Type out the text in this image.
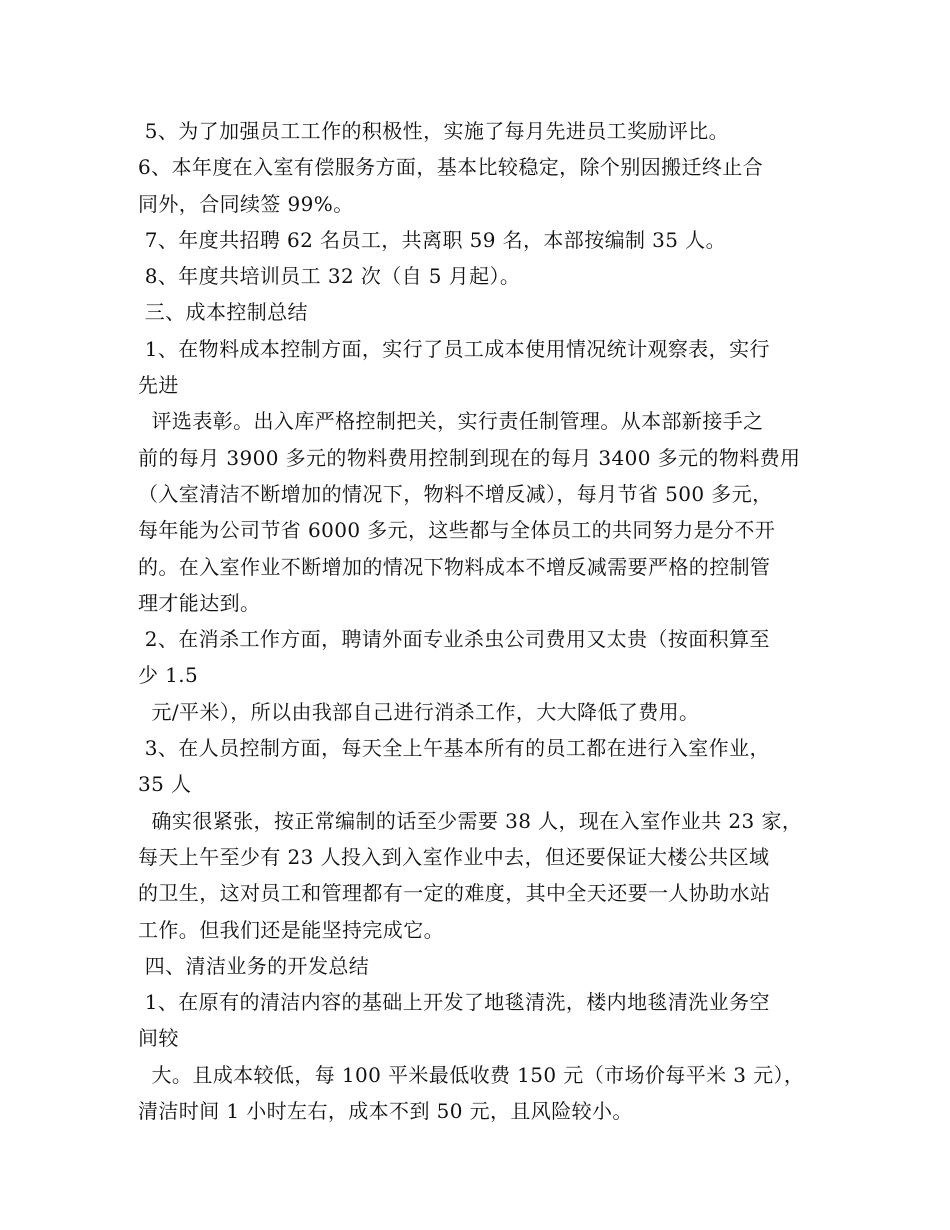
5、为了加强员工工作的积极性，实施了每月先进员工奖励评比。
6、本年度在入室有偿服务方面，基本比较稳定，除个别因搬迁终止合
同外，合同续签 99%。
7、年度共招聘 62 名员工，共离职 59 名，本部按编制 35 人。
8、年度共培训员工 32 次（自 5 月起）。
三、成本控制总结
1、在物料成本控制方面，实行了员工成本使用情况统计观察表，实行
先进
评选表彰。出入库严格控制把关，实行责任制管理。从本部新接手之
前的每月 3900 多元的物料费用控制到现在的每月 3400 多元的物料费用
（入室清洁不断增加的情况下，物料不增反减），每月节省 500 多元，
每年能为公司节省 6000 多元，这些都与全体员工的共同努力是分不开
的。在入室作业不断增加的情况下物料成本不增反减需要严格的控制管
理才能达到。
2、在消杀工作方面，聘请外面专业杀虫公司费用又太贵（按面积算至
少 1.5
元/平米），所以由我部自己进行消杀工作，大大降低了费用。
3、在人员控制方面，每天全上午基本所有的员工都在进行入室作业，
35 人
确实很紧张，按正常编制的话至少需要 38 人，现在入室作业共 23 家，
每天上午至少有 23 人投入到入室作业中去，但还要保证大楼公共区域
的卫生，这对员工和管理都有一定的难度，其中全天还要一人协助水站
工作。但我们还是能坚持完成它。
四、清洁业务的开发总结
1、在原有的清洁内容的基础上开发了地毯清洗，楼内地毯清洗业务空
间较
大。且成本较低，每 100 平米最低收费 150 元（市场价每平米 3 元），
清洁时间 1 小时左右，成本不到 50 元，且风险较小。
